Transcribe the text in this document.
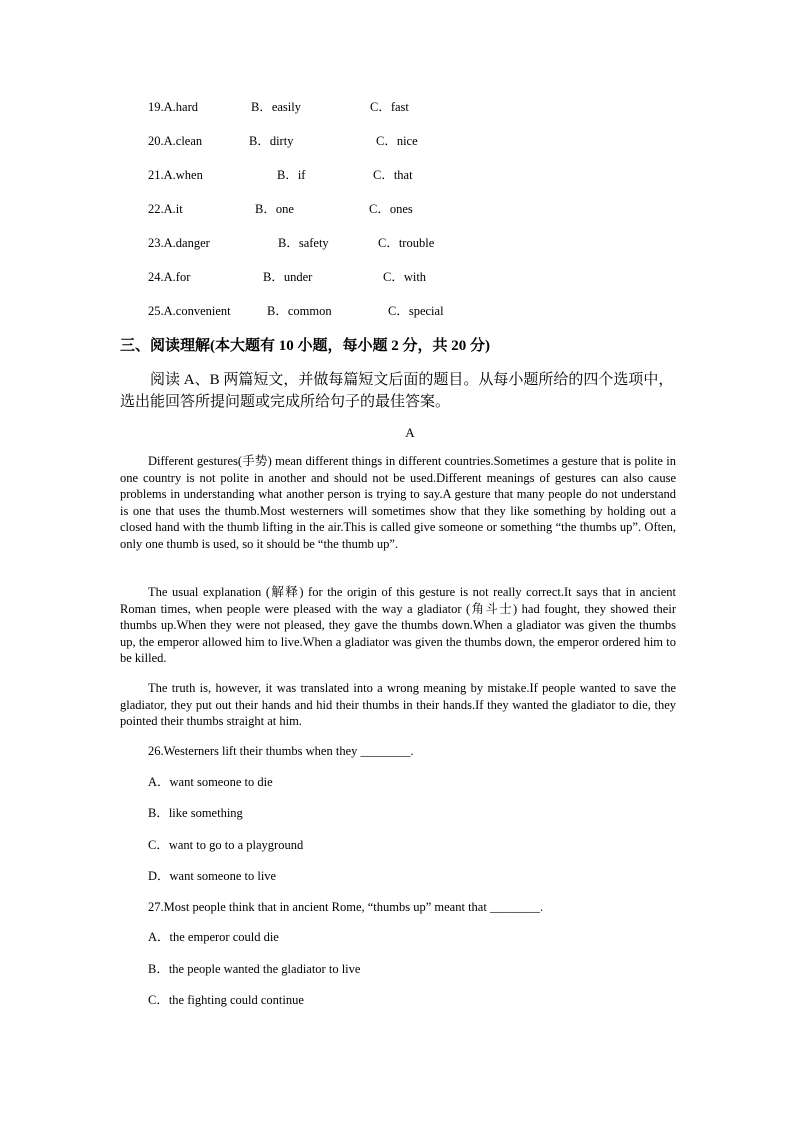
19.A.hard	B．easily	C．fast
20.A.clean	B．dirty	C．nice
21.A.when	B．if	C．that
22.A.it	B．one	C．ones
23.A.danger	B．safety	C．trouble
24.A.for	B．under	C．with
25.A.convenient	B．common	C．special
三、阅读理解(本大题有 10 小题，每小题 2 分，共 20 分)
阅读 A、B 两篇短文，并做每篇短文后面的题目。从每小题所给的四个选项中，选出能回答所提问题或完成所给句子的最佳答案。
A
Different gestures(手势) mean different things in different countries.Sometimes a gesture that is polite in one country is not polite in another and should not be used.Different meanings of gestures can also cause problems in understanding what another person is trying to say.A gesture that many people do not understand is one that uses the thumb.Most westerners will sometimes show that they like something by holding out a closed hand with the thumb lifting in the air.This is called give someone or something “the thumbs up”. Often, only one thumb is used, so it should be “the thumb up”.
The usual explanation (解释) for the origin of this gesture is not really correct.It says that in ancient Roman times, when people were pleased with the way a gladiator (角斗士) had fought, they showed their thumbs up.When they were not pleased, they gave the thumbs down.When a gladiator was given the thumbs up, the emperor allowed him to live.When a gladiator was given the thumbs down, the emperor ordered him to be killed.
The truth is, however, it was translated into a wrong meaning by mistake.If people wanted to save the gladiator, they put out their hands and hid their thumbs in their hands.If they wanted the gladiator to die, they pointed their thumbs straight at him.
26.Westerners lift their thumbs when they ________.
A．want someone to die
B．like something
C．want to go to a playground
D．want someone to live
27.Most people think that in ancient Rome, “thumbs up” meant that ________.
A．the emperor could die
B．the people wanted the gladiator to live
C．the fighting could continue
